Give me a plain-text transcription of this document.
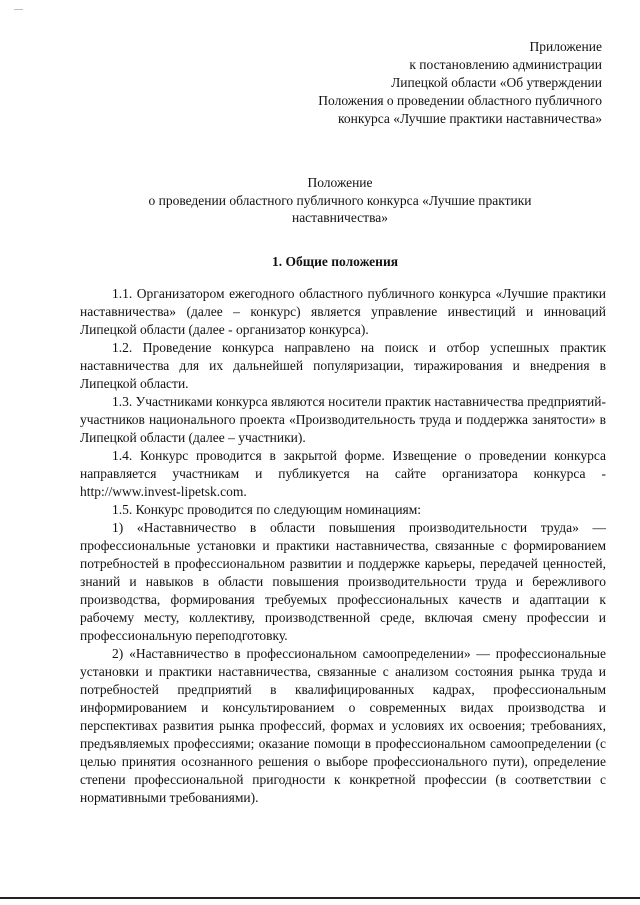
—
Приложение
к постановлению администрации
Липецкой области «Об утверждении
Положения о проведении областного публичного
конкурса «Лучшие практики наставничества»
Положение
о проведении областного публичного конкурса «Лучшие практики
наставничества»
1. Общие положения

1.1. Организатором ежегодного областного публичного конкурса «Лучшие практики наставничества» (далее – конкурс) является управление инвестиций и инноваций Липецкой области (далее - организатор конкурса).

1.2. Проведение конкурса направлено на поиск и отбор успешных практик наставничества для их дальнейшей популяризации, тиражирования и внедрения в Липецкой области.

1.3. Участниками конкурса являются носители практик наставничества предприятий-участников национального проекта «Производительность труда и поддержка занятости» в Липецкой области (далее – участники).

1.4. Конкурс проводится в закрытой форме. Извещение о проведении конкурса направляется участникам и публикуется на сайте организатора конкурса - http://www.invest-lipetsk.com.

1.5. Конкурс проводится по следующим номинациям:

1) «Наставничество в области повышения производительности труда» — профессиональные установки и практики наставничества, связанные с формированием потребностей в профессиональном развитии и поддержке карьеры, передачей ценностей, знаний и навыков в области повышения производительности труда и бережливого производства, формирования требуемых профессиональных качеств и адаптации к рабочему месту, коллективу, производственной среде, включая смену профессии и профессиональную переподготовку.

2) «Наставничество в профессиональном самоопределении» — профессиональные установки и практики наставничества, связанные с анализом состояния рынка труда и потребностей предприятий в квалифицированных кадрах, профессиональным информированием и консультированием о современных видах производства и перспективах развития рынка профессий, формах и условиях их освоения; требованиях, предъявляемых профессиями; оказание помощи в профессиональном самоопределении (с целью принятия осознанного решения о выборе профессионального пути), определение степени профессиональной пригодности к конкретной профессии (в соответствии с нормативными требованиями).
